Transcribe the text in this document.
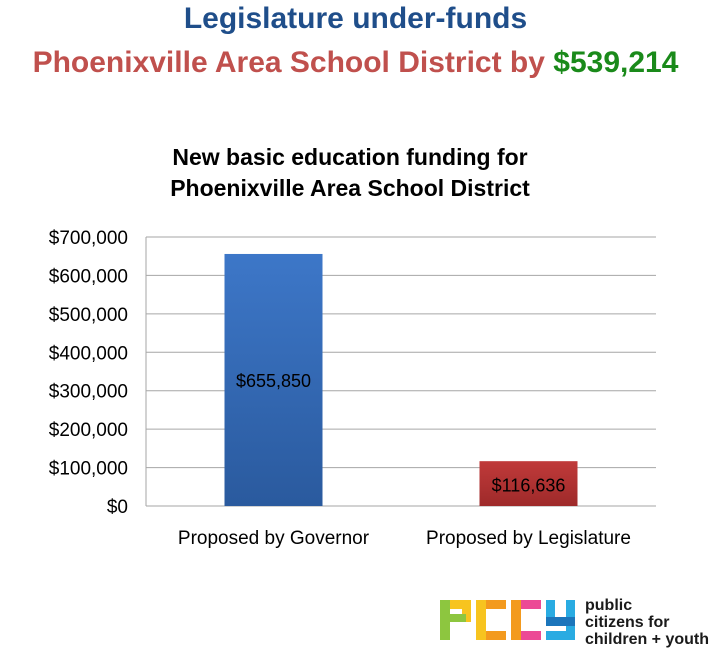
Legislature under-funds
Phoenixville Area School District by $539,214
New basic education funding for
Phoenixville Area School District
$0
$100,000
$200,000
$300,000
$400,000
$500,000
$600,000
$700,000
$655,850
Proposed by Governor
$116,636
Proposed by Legislature
public
citizens for
children + youth
